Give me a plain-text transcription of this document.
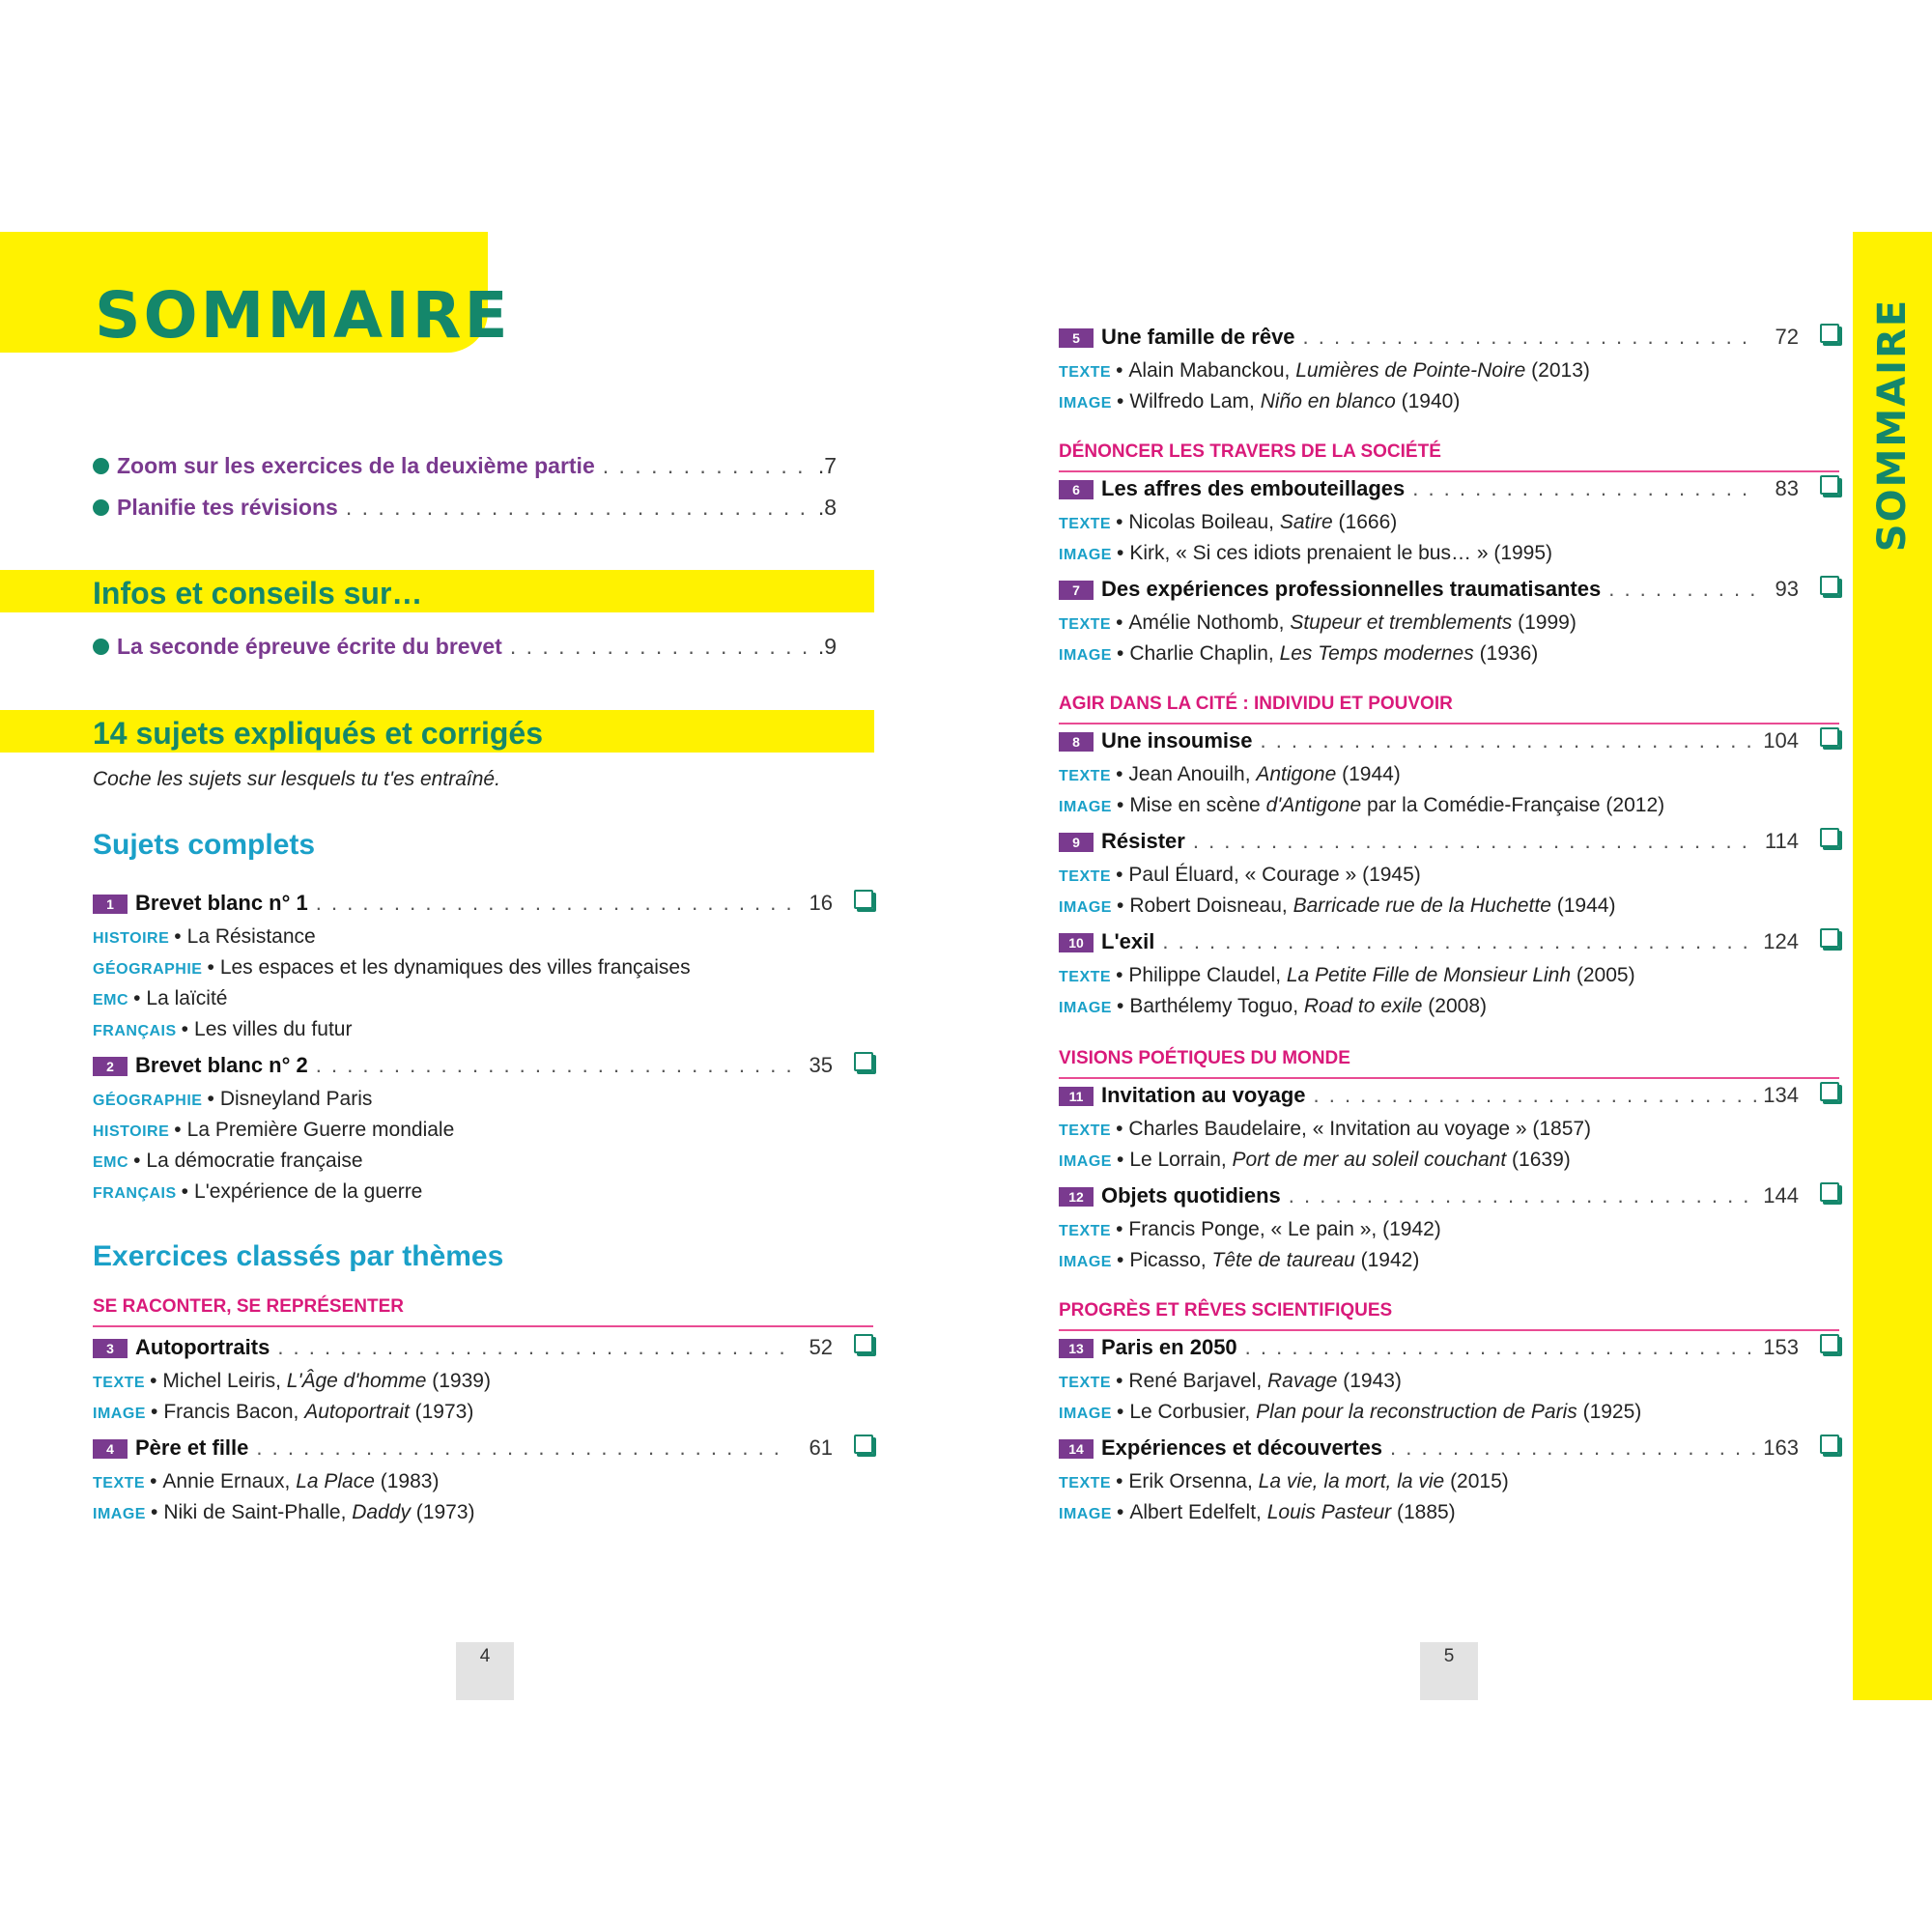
SOMMAIRE
Zoom sur les exercices de la deuxième partie . . .	.7
Planifie tes révisions . . .	.8
Infos et conseils sur…
La seconde épreuve écrite du brevet . . .	.9
14 sujets expliqués et corrigés
Coche les sujets sur lesquels tu t'es entraîné.
Sujets complets
Exercices classés par thèmes
SE RACONTER, SE REPRÉSENTER
DÉNONCER LES TRAVERS DE LA SOCIÉTÉ
AGIR DANS LA CITÉ : INDIVIDU ET POUVOIR
VISIONS POÉTIQUES DU MONDE
PROGRÈS ET RÊVES SCIENTIFIQUES
1	Brevet blanc n° 1 . . .	16
HISTOIRE • La Résistance
GÉOGRAPHIE • Les espaces et les dynamiques des villes françaises
EMC • La laïcité
FRANÇAIS • Les villes du futur
2	Brevet blanc n° 2 . . .	35
GÉOGRAPHIE • Disneyland Paris
HISTOIRE • La Première Guerre mondiale
EMC • La démocratie française
FRANÇAIS • L'expérience de la guerre
3	Autoportraits . . .	52
TEXTE • Michel Leiris, L'Âge d'homme (1939)
IMAGE • Francis Bacon, Autoportrait (1973)
4	Père et fille . . .	61
TEXTE • Annie Ernaux, La Place (1983)
IMAGE • Niki de Saint-Phalle, Daddy (1973)
5	Une famille de rêve . . .	72
TEXTE • Alain Mabanckou, Lumières de Pointe-Noire (2013)
IMAGE • Wilfredo Lam, Niño en blanco (1940)
6	Les affres des embouteillages . . .	83
TEXTE • Nicolas Boileau, Satire (1666)
IMAGE • Kirk, « Si ces idiots prenaient le bus… » (1995)
7	Des expériences professionnelles traumatisantes . . .	93
TEXTE • Amélie Nothomb, Stupeur et tremblements (1999)
IMAGE • Charlie Chaplin, Les Temps modernes (1936)
8	Une insoumise . . .	104
TEXTE • Jean Anouilh, Antigone (1944)
IMAGE • Mise en scène d'Antigone par la Comédie-Française (2012)
9	Résister . . .	114
TEXTE • Paul Éluard, « Courage » (1945)
IMAGE • Robert Doisneau, Barricade rue de la Huchette (1944)
10 L'exil . . .	124
TEXTE • Philippe Claudel, La Petite Fille de Monsieur Linh (2005)
IMAGE • Barthélemy Toguo, Road to exile (2008)
11 Invitation au voyage . . .	134
TEXTE • Charles Baudelaire, « Invitation au voyage » (1857)
IMAGE • Le Lorrain, Port de mer au soleil couchant (1639)
12 Objets quotidiens . . .	144
TEXTE • Francis Ponge, « Le pain », (1942)
IMAGE • Picasso, Tête de taureau (1942)
13 Paris en 2050 . . .	153
TEXTE • René Barjavel, Ravage (1943)
IMAGE • Le Corbusier, Plan pour la reconstruction de Paris (1925)
14 Expériences et découvertes . . .	163
TEXTE • Erik Orsenna, La vie, la mort, la vie (2015)
IMAGE • Albert Edelfelt, Louis Pasteur (1885)
4	5
SOMMAIRE
